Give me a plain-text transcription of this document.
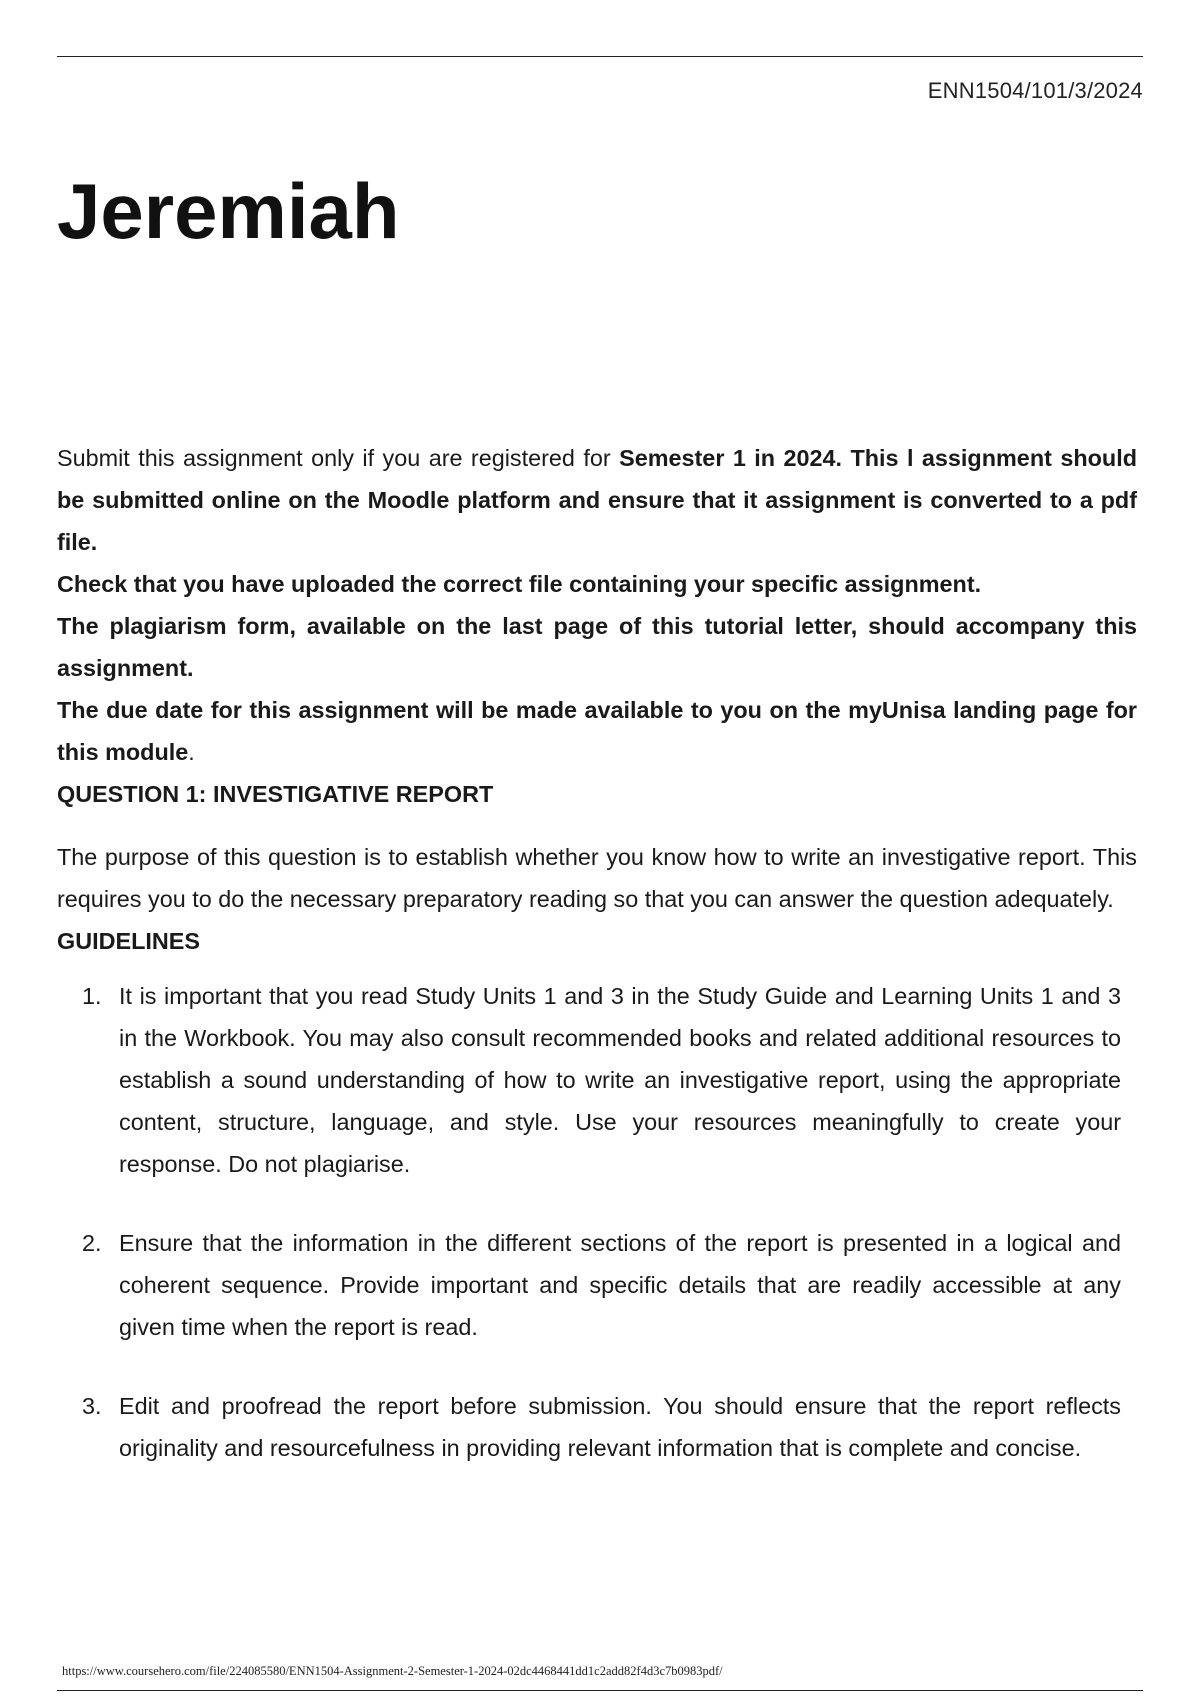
ENN1504/101/3/2024
Jeremiah

Submit this assignment only if you are registered for Semester 1 in 2024. This l assignment should be submitted online on the Moodle platform and ensure that it assignment is converted to a pdf file.

Check that you have uploaded the correct file containing your specific assignment.

The plagiarism form, available on the last page of this tutorial letter, should accompany this assignment.

The due date for this assignment will be made available to you on the myUnisa landing page for this module.

QUESTION 1: INVESTIGATIVE REPORT

The purpose of this question is to establish whether you know how to write an investigative report. This requires you to do the necessary preparatory reading so that you can answer the question adequately.

GUIDELINES

1. It is important that you read Study Units 1 and 3 in the Study Guide and Learning Units 1 and 3 in the Workbook. You may also consult recommended books and related additional resources to establish a sound understanding of how to write an investigative report, using the appropriate content, structure, language, and style. Use your resources meaningfully to create your response. Do not plagiarise.
2. Ensure that the information in the different sections of the report is presented in a logical and coherent sequence. Provide important and specific details that are readily accessible at any given time when the report is read.
3. Edit and proofread the report before submission. You should ensure that the report reflects originality and resourcefulness in providing relevant information that is complete and concise.
https://www.coursehero.com/file/224085580/ENN1504-Assignment-2-Semester-1-2024-02dc4468441dd1c2add82f4d3c7b0983pdf/
